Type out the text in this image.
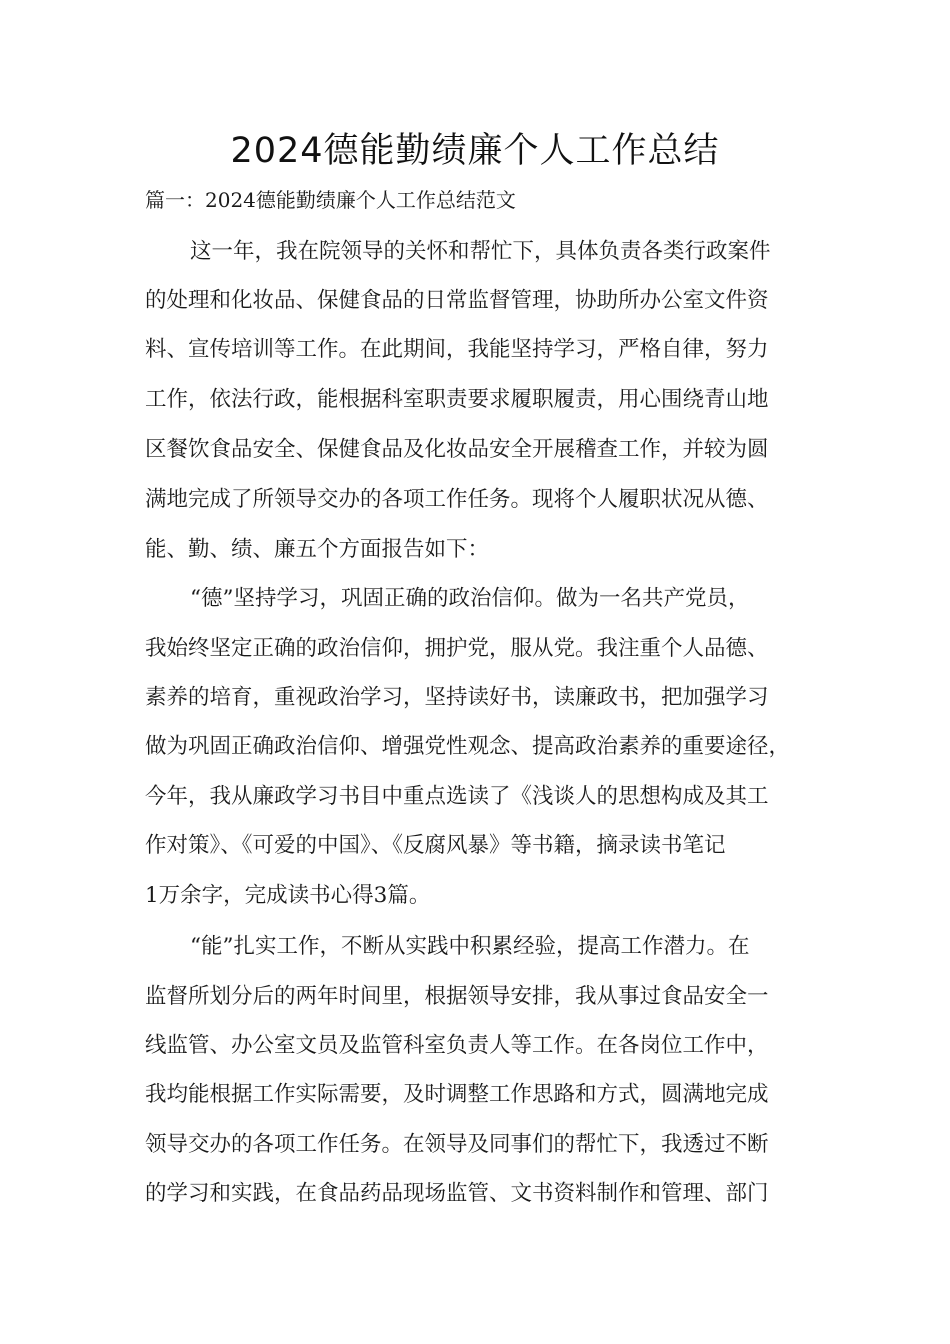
2024德能勤绩廉个人工作总结

篇一：2024德能勤绩廉个人工作总结范文

这一年，我在院领导的关怀和帮忙下，具体负责各类行政案件

的处理和化妆品、保健食品的日常监督管理，协助所办公室文件资

料、宣传培训等工作。在此期间，我能坚持学习，严格自律，努力

工作，依法行政，能根据科室职责要求履职履责，用心围绕青山地

区餐饮食品安全、保健食品及化妆品安全开展稽查工作，并较为圆

满地完成了所领导交办的各项工作任务。现将个人履职状况从德、

能、勤、绩、廉五个方面报告如下：

“德”坚持学习，巩固正确的政治信仰。做为一名共产党员，

我始终坚定正确的政治信仰，拥护党，服从党。我注重个人品德、

素养的培育，重视政治学习，坚持读好书，读廉政书，把加强学习

做为巩固正确政治信仰、增强党性观念、提高政治素养的重要途径，

今年，我从廉政学习书目中重点选读了《浅谈人的思想构成及其工

作对策》、《可爱的中国》、《反腐风暴》等书籍，摘录读书笔记

1万余字，完成读书心得3篇。

“能”扎实工作，不断从实践中积累经验，提高工作潜力。在

监督所划分后的两年时间里，根据领导安排，我从事过食品安全一

线监管、办公室文员及监管科室负责人等工作。在各岗位工作中，

我均能根据工作实际需要，及时调整工作思路和方式，圆满地完成

领导交办的各项工作任务。在领导及同事们的帮忙下，我透过不断

的学习和实践，在食品药品现场监管、文书资料制作和管理、部门
